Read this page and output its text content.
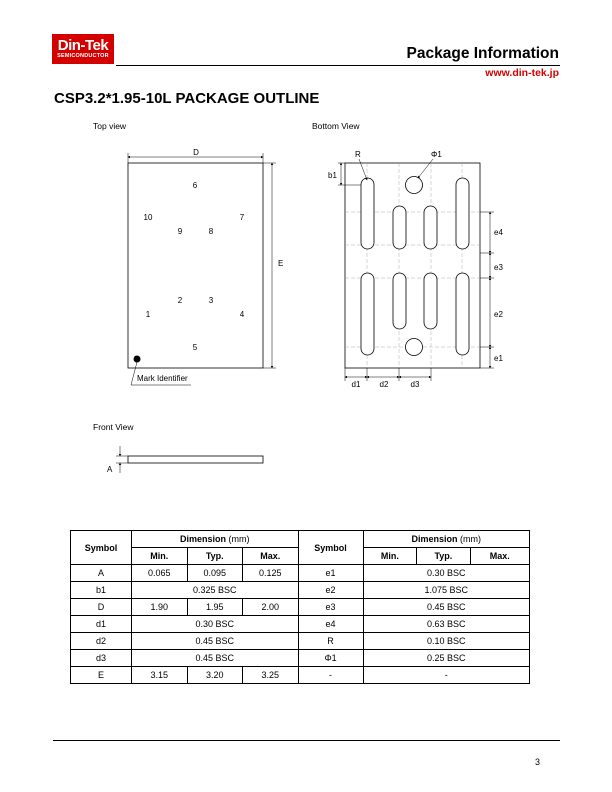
Din-Tek
SEMICONDUCTOR	Package Information
www.din-tek.jp
CSP3.2*1.95-10L PACKAGE OUTLINE
Top view	Bottom View
Front View
D
E
6
10
9	8
7
2	3
1	4
5
Mark Identifier
R	Φ1
b1
e4
e3
e2
e1
d1 d2	d3
A
Symbol	Dimension (mm)			Symbol	Dimension (mm)		
	Min.	Typ.	Max.		Min.	Typ.	Max.
A	0.065	0.095	0.125	e1	0.30 BSC		
b1	0.325 BSC			e2	1.075 BSC		
D	1.90	1.95	2.00	e3	0.45 BSC		
d1	0.30 BSC			e4	0.63 BSC		
d2	0.45 BSC			R	0.10 BSC		
d3	0.45 BSC			Φ1	0.25 BSC		
E	3.15	3.20	3.25	-	-		
3
